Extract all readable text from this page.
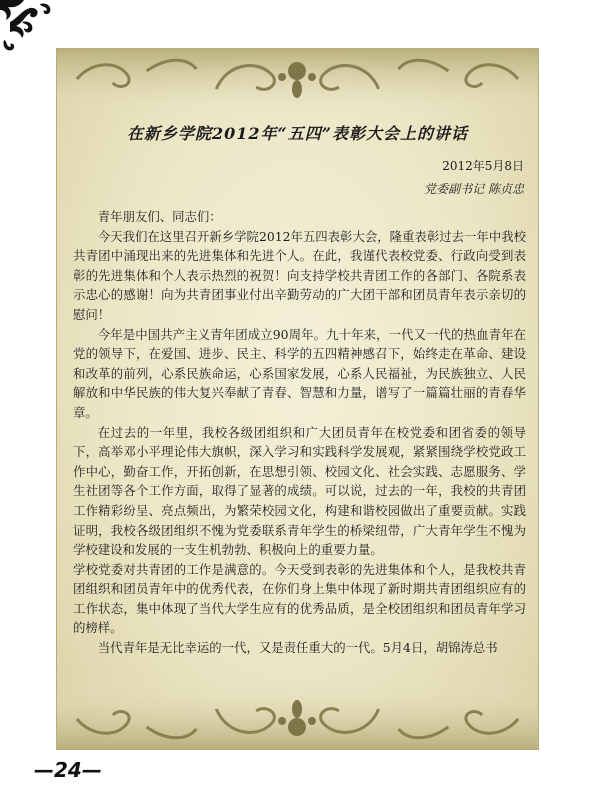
在新乡学院2012年“五四”表彰大会上的讲话
2012年5月8日
党委副书记 陈贞忠

青年朋友们、同志们：

今天我们在这里召开新乡学院2012年五四表彰大会，隆重表彰过去一年中我校共青团中涌现出来的先进集体和先进个人。在此，我谨代表校党委、行政向受到表彰的先进集体和个人表示热烈的祝贺！向支持学校共青团工作的各部门、各院系表示忠心的感谢！向为共青团事业付出辛勤劳动的广大团干部和团员青年表示亲切的慰问！

今年是中国共产主义青年团成立90周年。九十年来，一代又一代的热血青年在党的领导下，在爱国、进步、民主、科学的五四精神感召下，始终走在革命、建设和改革的前列，心系民族命运，心系国家发展，心系人民福祉，为民族独立、人民解放和中华民族的伟大复兴奉献了青春、智慧和力量，谱写了一篇篇壮丽的青春华章。

在过去的一年里，我校各级团组织和广大团员青年在校党委和团省委的领导下，高举邓小平理论伟大旗帜，深入学习和实践科学发展观，紧紧围绕学校党政工作中心，勤奋工作，开拓创新，在思想引领、校园文化、社会实践、志愿服务、学生社团等各个工作方面，取得了显著的成绩。可以说，过去的一年，我校的共青团工作精彩纷呈、亮点频出，为繁荣校园文化，构建和谐校园做出了重要贡献。实践证明，我校各级团组织不愧为党委联系青年学生的桥梁纽带，广大青年学生不愧为学校建设和发展的一支生机勃勃、积极向上的重要力量。

学校党委对共青团的工作是满意的。今天受到表彰的先进集体和个人，是我校共青团组织和团员青年中的优秀代表，在你们身上集中体现了新时期共青团组织应有的工作状态，集中体现了当代大学生应有的优秀品质，是全校团组织和团员青年学习的榜样。

当代青年是无比幸运的一代，又是责任重大的一代。5月4日，胡锦涛总书

—24—
